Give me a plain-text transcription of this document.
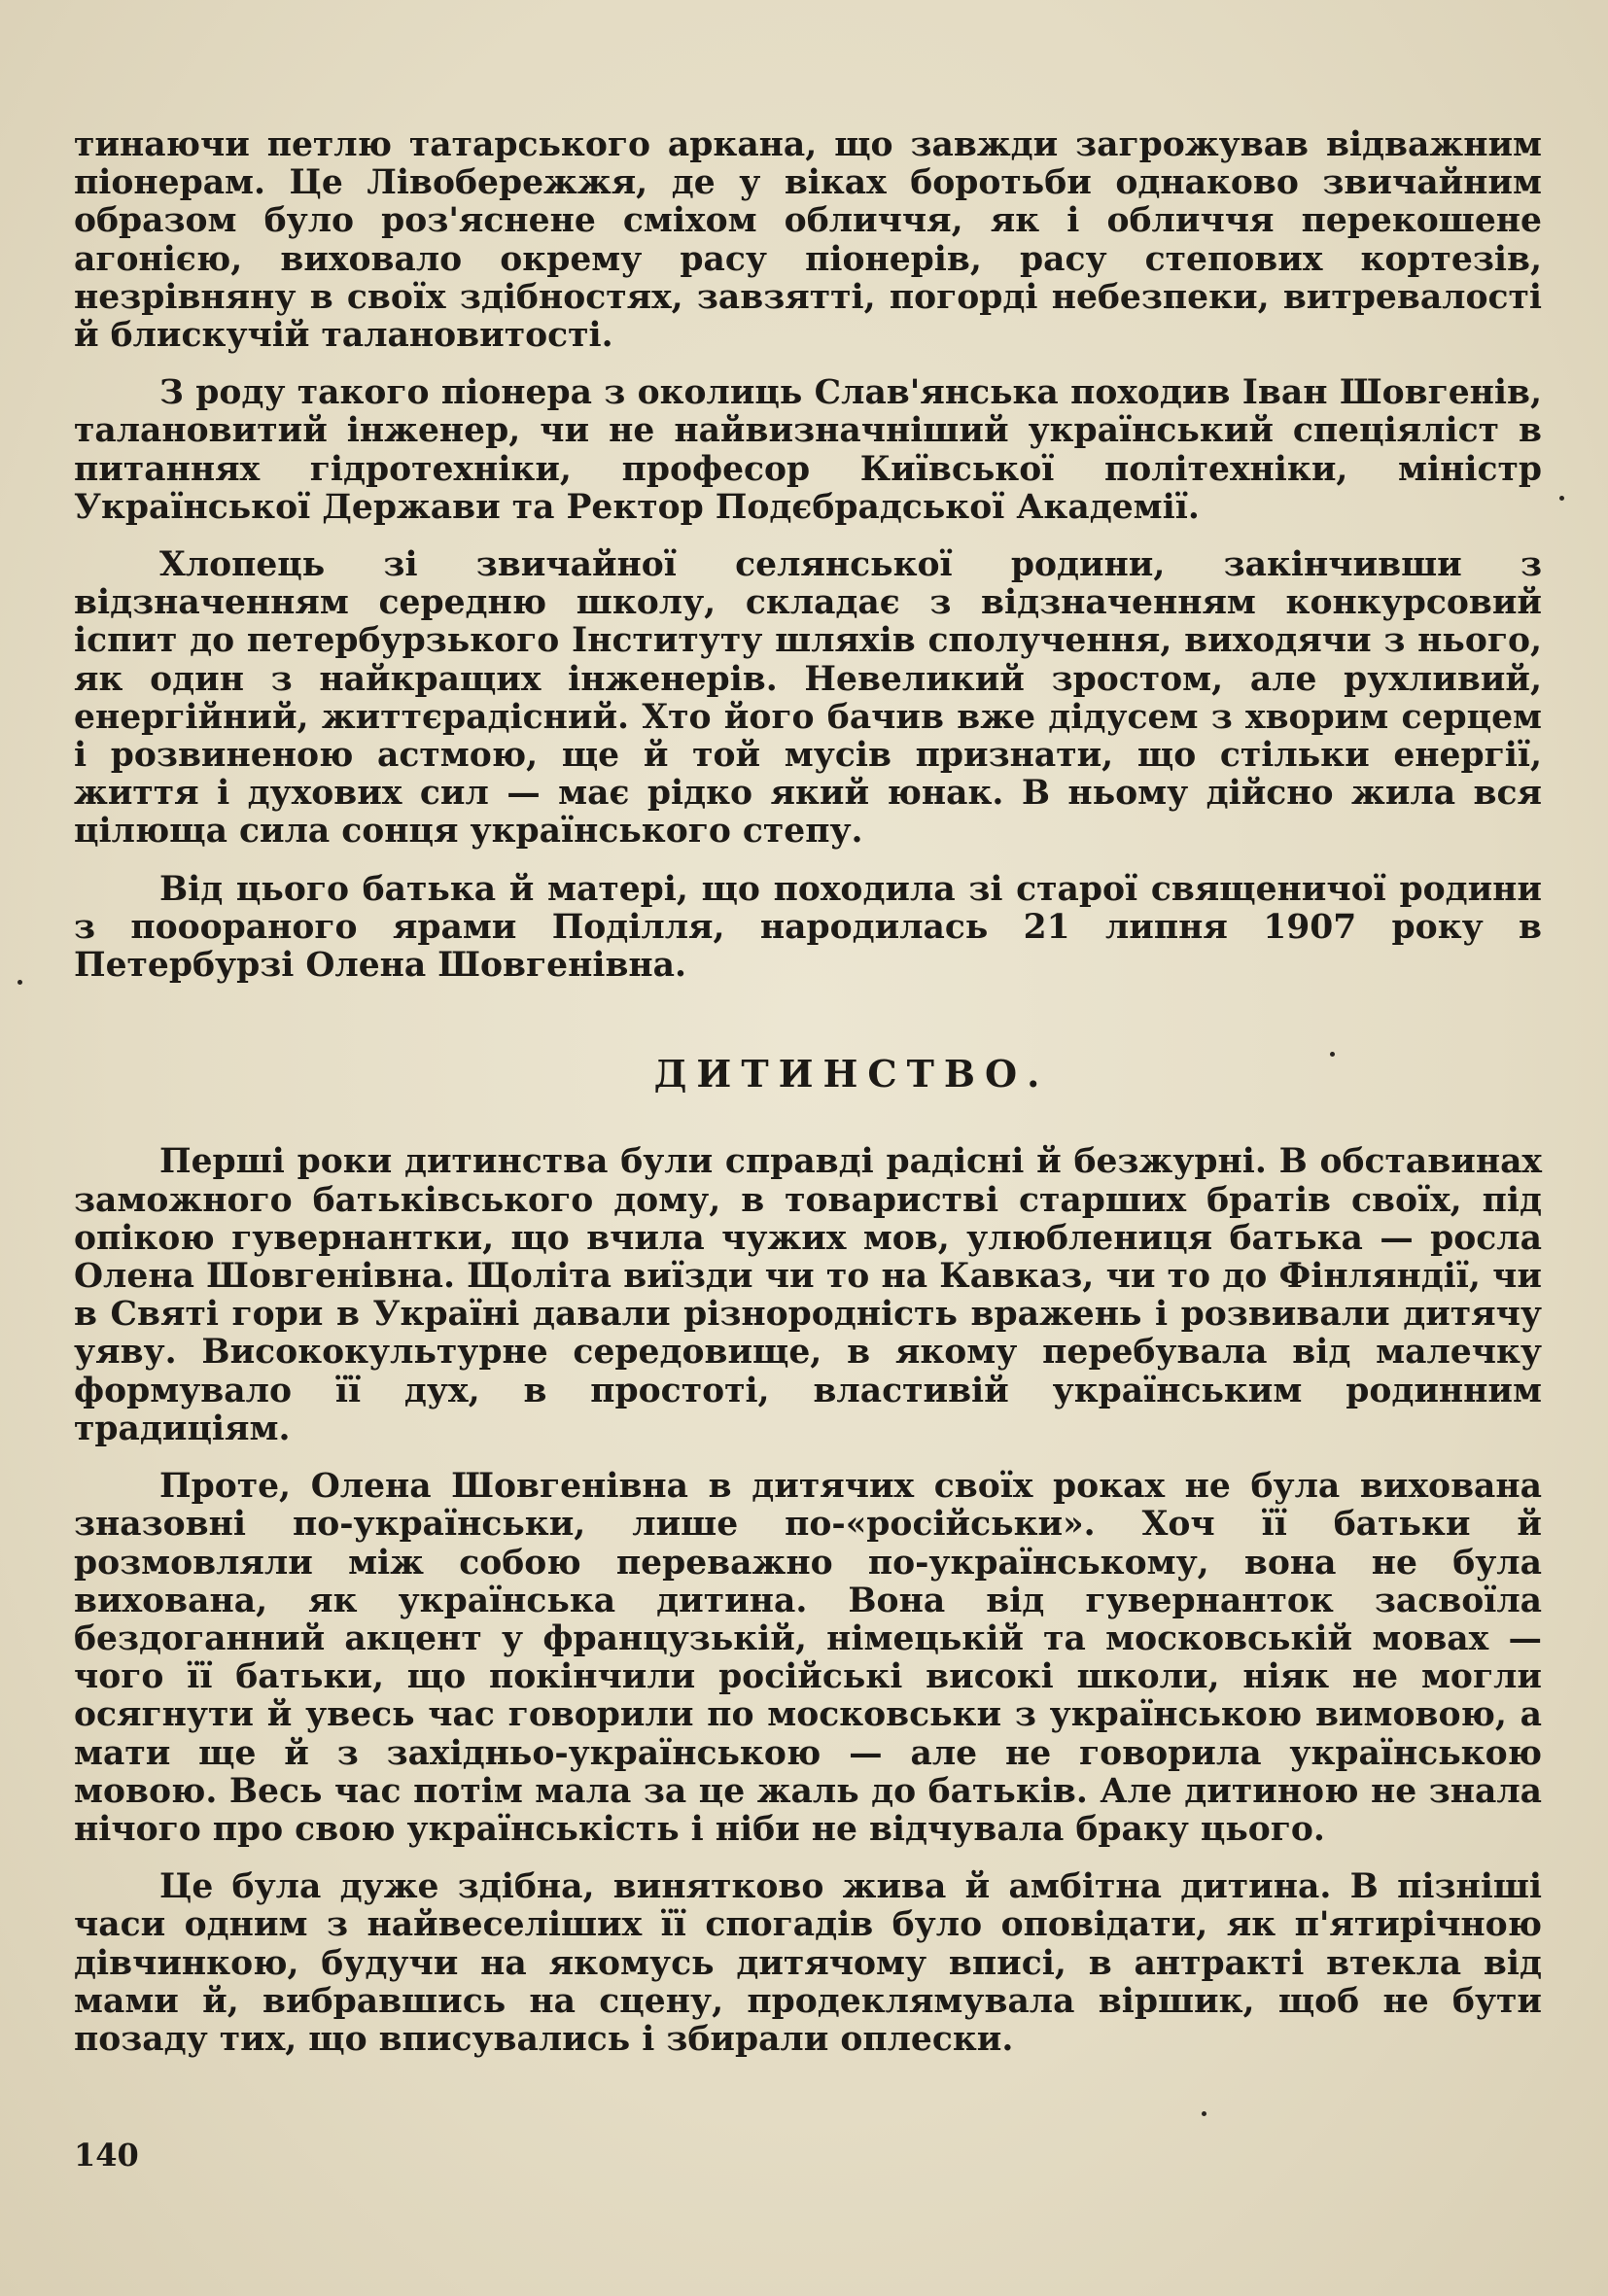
тинаючи петлю татарського аркана, що завжди загрожував відважним піонерам. Це Лівобережжя, де у віках боротьби однаково звичайним образом було роз'яснене сміхом обличчя, як і обличчя перекошене агонією, виховало окрему расу піонерів, расу степових кортезів, незрівняну в своїх здібностях, завзятті, погорді небезпеки, витревалості й блискучій талановитості.

З роду такого піонера з околиць Слав'янська походив Іван Шовгенів, талановитий інженер, чи не найвизначніший український спеціяліст в питаннях гідротехніки, професор Київської політехніки, міністр Української Держави та Ректор Подєбрадської Академії.

Хлопець зі звичайної селянської родини, закінчивши з відзначенням середню школу, складає з відзначенням конкурсовий іспит до петербурзького Інституту шляхів сполучення, виходячи з нього, як один з найкращих інженерів. Невеликий зростом, але рухливий, енергійний, життєрадісний. Хто його бачив вже дідусем з хворим серцем і розвиненою астмою, ще й той мусів признати, що стільки енергії, життя і духових сил — має рідко який юнак. В ньому дійсно жила вся цілюща сила сонця українського степу.

Від цього батька й матері, що походила зі старої священичої родини з пооораного ярами Поділля, народилась 21 липня 1907 року в Петербурзі Олена Шовгенівна.

ДИТИНСТВО.

Перші роки дитинства були справді радісні й безжурні. В обставинах заможного батьківського дому, в товаристві старших братів своїх, під опікою гувернантки, що вчила чужих мов, улюблениця батька — росла Олена Шовгенівна. Щоліта виїзди чи то на Кавказ, чи то до Фінляндії, чи в Святі гори в Україні давали різнородність вражень і розвивали дитячу уяву. Висококультурне середовище, в якому перебувала від малечку формувало її дух, в простоті, властивій українським родинним традиціям.

Проте, Олена Шовгенівна в дитячих своїх роках не була вихована зназовні по-українськи, лише по-«російськи». Хоч її батьки й розмовляли між собою переважно по-українському, вона не була вихована, як українська дитина. Вона від гувернанток засвоїла бездоганний акцент у французькій, німецькій та московській мовах — чого її батьки, що покінчили російські високі школи, ніяк не могли осягнути й увесь час говорили по московськи з українською вимовою, а мати ще й з західньо-українською — але не говорила українською мовою. Весь час потім мала за це жаль до батьків. Але дитиною не знала нічого про свою українськість і ніби не відчувала браку цього.

Це була дуже здібна, винятково жива й амбітна дитина. В пізніші часи одним з найвеселіших її спогадів було оповідати, як п'ятирічною дівчинкою, будучи на якомусь дитячому вписі, в антракті втекла від мами й, вибравшись на сцену, продеклямувала віршик, щоб не бути позаду тих, що вписувались і збирали оплески.

140
